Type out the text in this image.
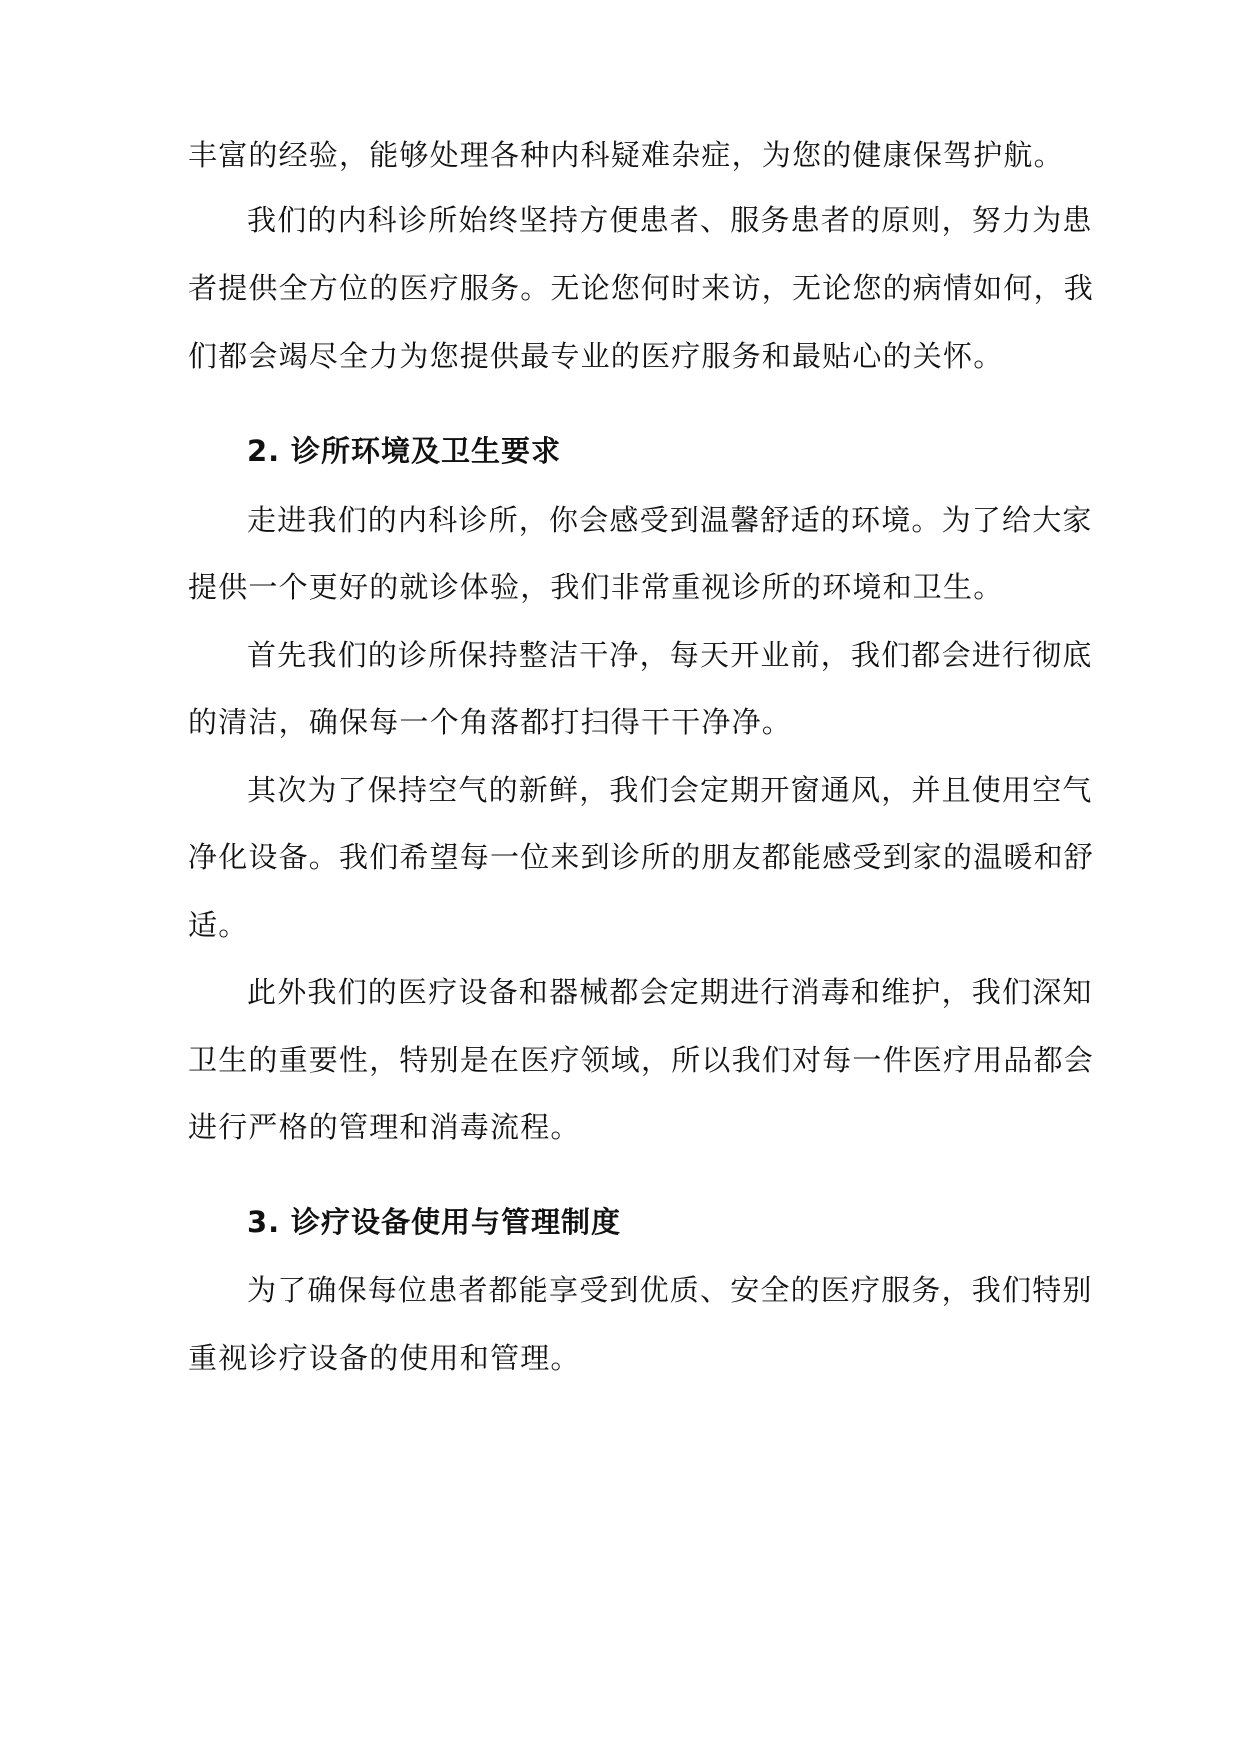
丰富的经验，能够处理各种内科疑难杂症，为您的健康保驾护航。
我们的内科诊所始终坚持方便患者、服务患者的原则，努力为患
者提供全方位的医疗服务。无论您何时来访，无论您的病情如何，我
们都会竭尽全力为您提供最专业的医疗服务和最贴心的关怀。
2. 诊所环境及卫生要求
走进我们的内科诊所，你会感受到温馨舒适的环境。为了给大家
提供一个更好的就诊体验，我们非常重视诊所的环境和卫生。
首先我们的诊所保持整洁干净，每天开业前，我们都会进行彻底
的清洁，确保每一个角落都打扫得干干净净。
其次为了保持空气的新鲜，我们会定期开窗通风，并且使用空气
净化设备。我们希望每一位来到诊所的朋友都能感受到家的温暖和舒
适。
此外我们的医疗设备和器械都会定期进行消毒和维护，我们深知
卫生的重要性，特别是在医疗领域，所以我们对每一件医疗用品都会
进行严格的管理和消毒流程。
3. 诊疗设备使用与管理制度
为了确保每位患者都能享受到优质、安全的医疗服务，我们特别
重视诊疗设备的使用和管理。
